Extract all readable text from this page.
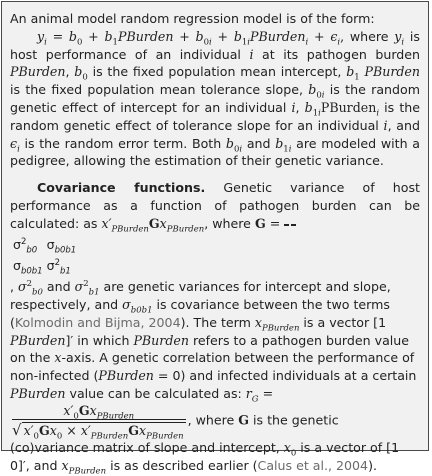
An animal model random regression model is of the form:

$y_i = b_0$ + $b_1PBurden + b_{0i}$ + $b_{1i}PBurden_i + \epsilon_i$, where $y_i$ is host performance of an individual i at its pathogen burden PBurden, $b_0$ is the fixed population mean intercept, $b_1$ PBurden is the fixed population mean tolerance slope, $b_{0i}$ is the random genetic effect of intercept for an individual i, $b_{1i}PBurden_i$ is the random genetic effect of tolerance slope for an individual i, and $\epsilon_i$ is the random error term. Both $b_{0i}$ and $b_{1i}$ are modeled with a pedigree, allowing the estimation of their genetic variance.

Covariance functions. Genetic variance of host performance as a function of pathogen burden can be calculated: as $x'_{PBurden}Gx_{PBurden}$, where G =

$\sigma^2_{b0}$	$\sigma_{b0b1}$
$\sigma_{b0b1}$	$\sigma^2_{b1}$
, $\sigma^2_{b0}$ and $\sigma^2_{b1}$ are genetic variances for intercept and slope, respectively, and $\sigma_{b0b1}$ is covariance between the two terms (Kolmodin and Bijma, 2004). The term $x_{PBurden}$ is a vector [1 PBurden]′ in which PBurden refers to a pathogen burden value on the x-axis. A genetic correlation between the performance of non-infected (PBurden = 0) and infected individuals at a certain PBurden value can be calculated as: $r_G$ =
$\frac{x'_0Gx_{PBurden}}{√ x'_0Gx_0 \times x'_{PBurden}Gx_{PBurden}}$ , where G is the genetic (co)variance matrix of slope and intercept, $x_0$ is a vector of [1 0]′, and $x_{PBurden}$ is as described earlier (Calus et al., 2004).
